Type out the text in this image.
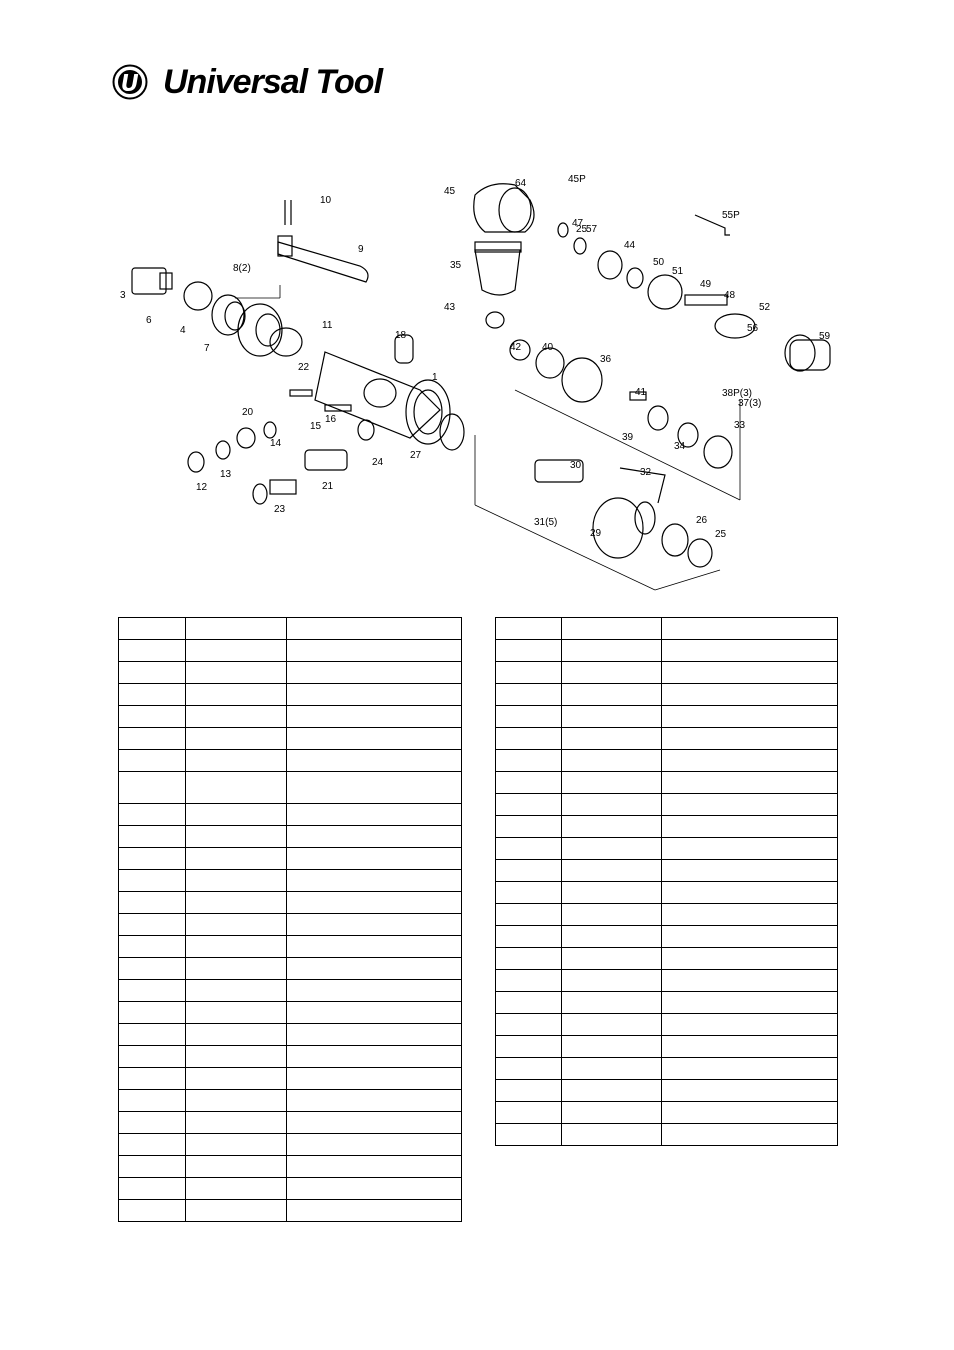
Universal Tool
1
3
4
6
7
8(2)
9
10
11
12
13
14
15
16
18
20
21
22
23
24
25
25
26
27
29
30
31(5)
32
33
34
35
36
37(3)
38P(3)
39
40
41
42
43
44
45
45P
47
48
49
50
51
52
55P
56
57
59
64
